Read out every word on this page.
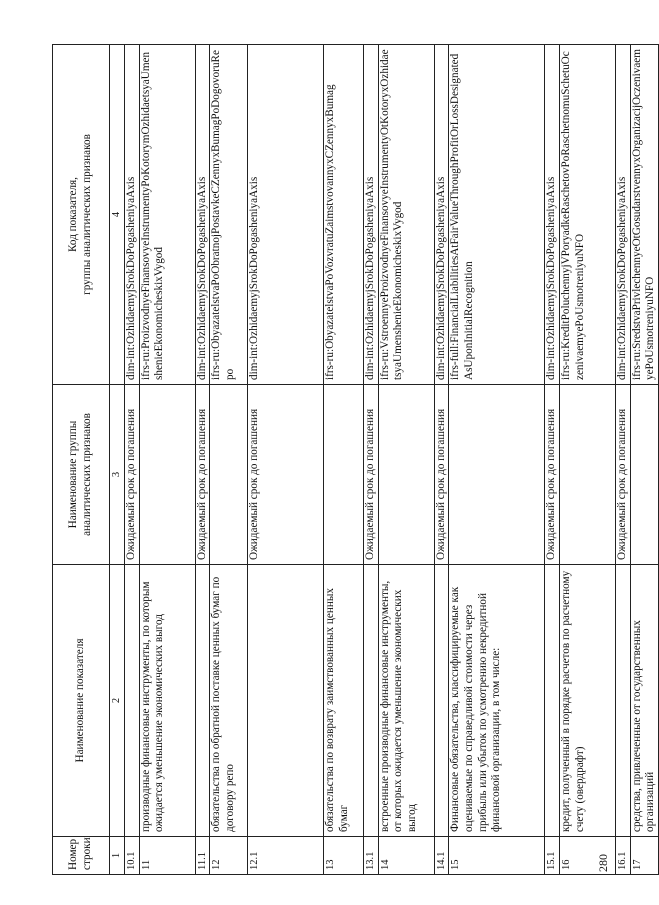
280
Номер строки	Наименование показателя	Наименование группы аналитических признаков	Код показателя,
группы аналитических признаков
1	2	3	4
10.1		Ожидаемый срок до погашения	dim-int:OzhidaemyjSrokDoPogasheniyaAxis
11	производные финансовые инструменты, по которым ожидается уменьшение экономических выгод		ifrs-ru:ProizvodnyeFinansovyeInstrumentyPoKotorymOzhidaetsyaUmenshenieEkonomicheskixVygod
11.1		Ожидаемый срок до погашения	dim-int:OzhidaemyjSrokDoPogasheniyaAxis
12	обязательства по обратной поставке ценных бумаг по договору репо		ifrs-ru:ObyazatelstvaPoObratnojPostavkeCZennyxBumagPoDogovoruRepo
12.1		Ожидаемый срок до погашения	dim-int:OzhidaemyjSrokDoPogasheniyaAxis
13	обязательства по возврату заимствованных ценных бумаг		ifrs-ru:ObyazatelstvaPoVozvratuZaimstvovannyxCZennyxBumag
13.1		Ожидаемый срок до погашения	dim-int:OzhidaemyjSrokDoPogasheniyaAxis
14	встроенные производные финансовые инструменты, от которых ожидается уменьшение экономических выгод		ifrs-ru:VstroennyeProizvodnyeFinansovyeInstrumentyOtKotoryxOzhidaetsyaUmenshenieEkonomicheskixVygod
14.1		Ожидаемый срок до погашения	dim-int:OzhidaemyjSrokDoPogasheniyaAxis
15	Финансовые обязательства, классифицируемые как оцениваемые по справедливой стоимости через прибыль или убыток по усмотрению некредитной финансовой организации, в том числе:		ifrs-full:FinancialLiabilitiesAtFairValueThroughProfitOrLossDesignatedAsUponInitialRecognition
15.1		Ожидаемый срок до погашения	dim-int:OzhidaemyjSrokDoPogasheniyaAxis
16	кредит, полученный в порядке расчетов по расчетному счету (овердрафт)		ifrs-ru:KreditPoluchennyjVPoryadkeRaschetovPoRaschetnomuSchetuOczenivaemyePoUsmotreniyuNFO
16.1		Ожидаемый срок до погашения	dim-int:OzhidaemyjSrokDoPogasheniyaAxis
17	средства, привлеченные от государственных организаций		ifrs-ru:SredstvaPrivlechennyeOtGosudarstvennyxOrganizacijOczenivaemyePoUsmotreniyuNFO
